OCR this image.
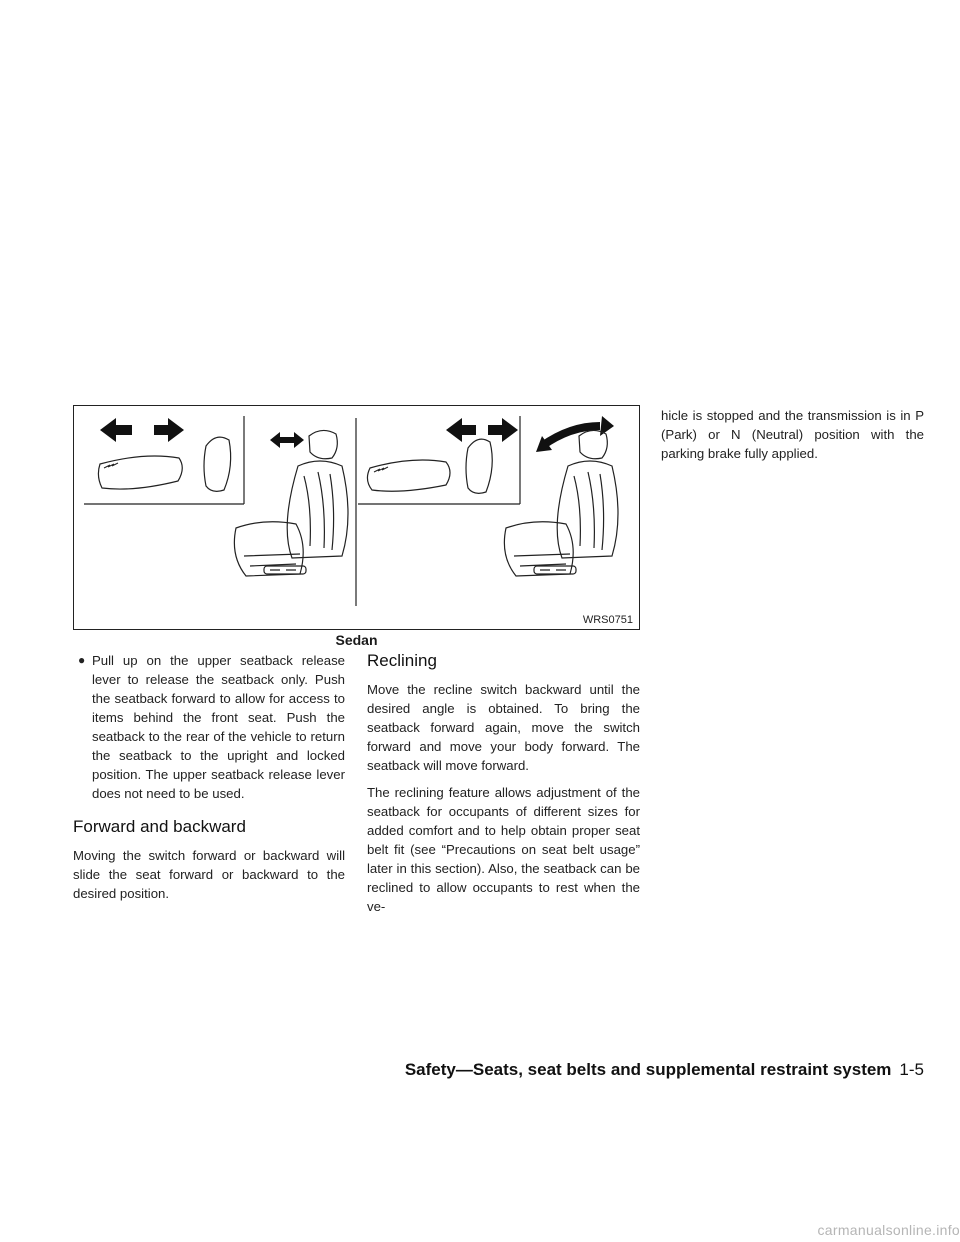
WRS0751
Sedan
● Pull up on the upper seatback release lever to release the seatback only. Push the seatback forward to allow for access to items behind the front seat. Push the seatback to the rear of the vehicle to return the seatback to the upright and locked position. The upper seatback release lever does not need to be used.
Forward and backward

Moving the switch forward or backward will slide the seat forward or backward to the desired position.

Reclining

Move the recline switch backward until the desired angle is obtained. To bring the seatback forward again, move the switch forward and move your body forward. The seatback will move forward.

The reclining feature allows adjustment of the seatback for occupants of different sizes for added comfort and to help obtain proper seat belt fit (see “Precautions on seat belt usage” later in this section). Also, the seatback can be reclined to allow occupants to rest when the ve-

hicle is stopped and the transmission is in P (Park) or N (Neutral) position with the parking brake fully applied.

Safety—Seats, seat belts and supplemental restraint system 1-5
carmanualsonline.info
